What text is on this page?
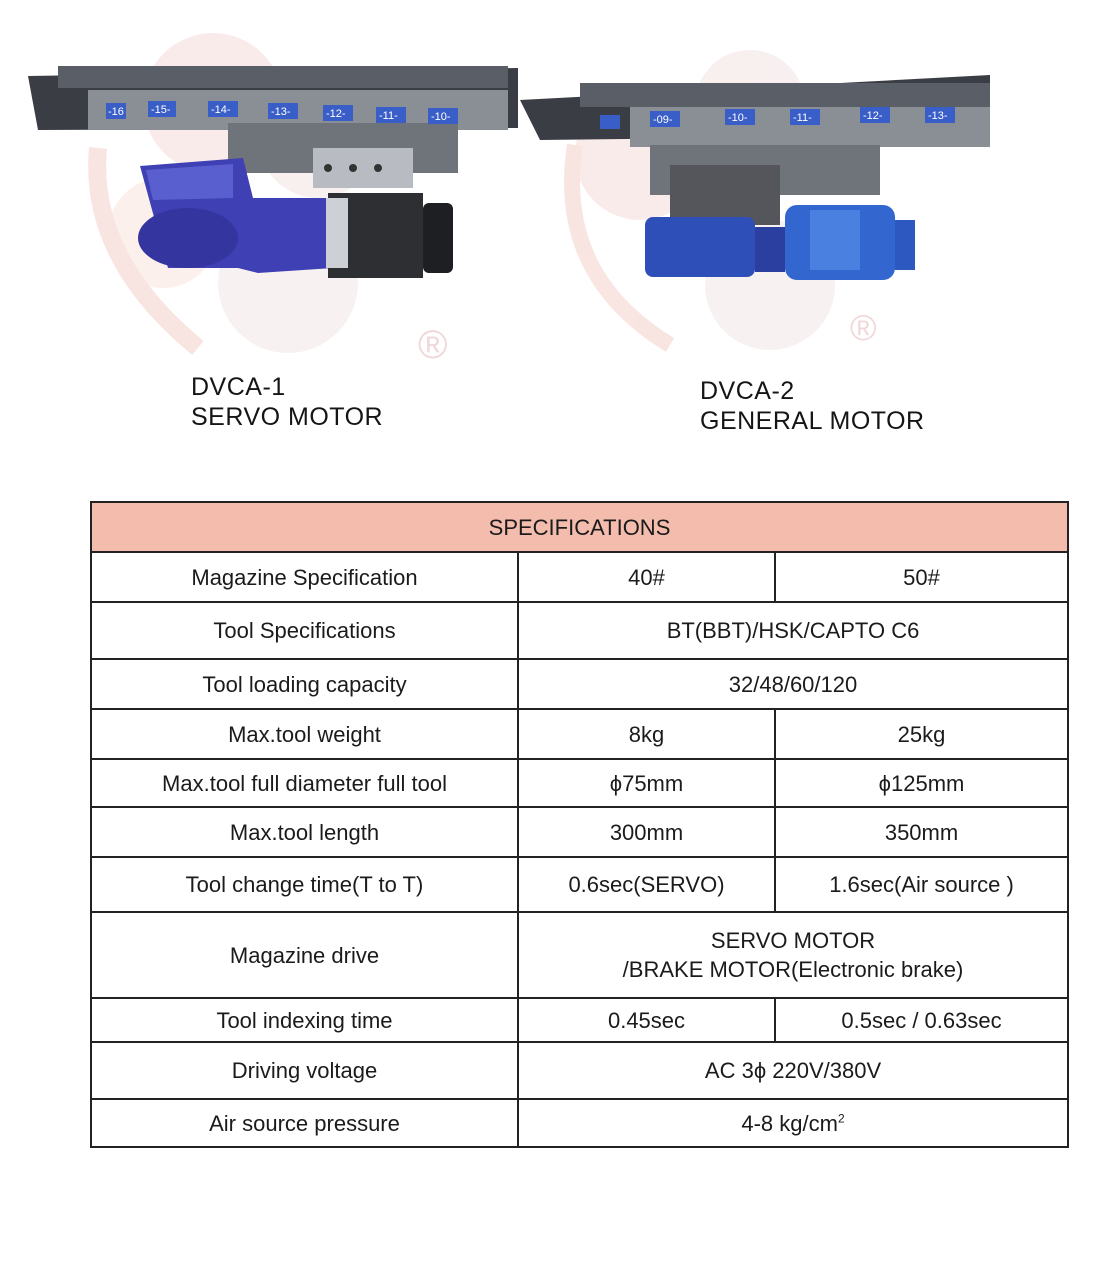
®
-16 -15-	-14-	-13-	-12-	-11-	-10-
®
-09-	-10-	-11-	-12-	-13-
DVCA-1
SERVO MOTOR
DVCA-2
GENERAL MOTOR
SPECIFICATIONS		
Magazine Specification	40#	50#
Tool Specifications	BT(BBT)/HSK/CAPTO C6	
Tool loading capacity	32/48/60/120	
Max.tool weight	8kg	25kg
Max.tool full diameter full tool	ϕ75mm	ϕ125mm
Max.tool length	300mm	350mm
Tool change time(T to T)	0.6sec(SERVO)	1.6sec(Air source )
Magazine drive	SERVO MOTOR
/BRAKE MOTOR(Electronic brake)	

Tool indexing time	0.45sec	0.5sec / 0.63sec
Driving voltage	AC 3ϕ 220V/380V	
Air source pressure	4-8 $kg/cm^2$
